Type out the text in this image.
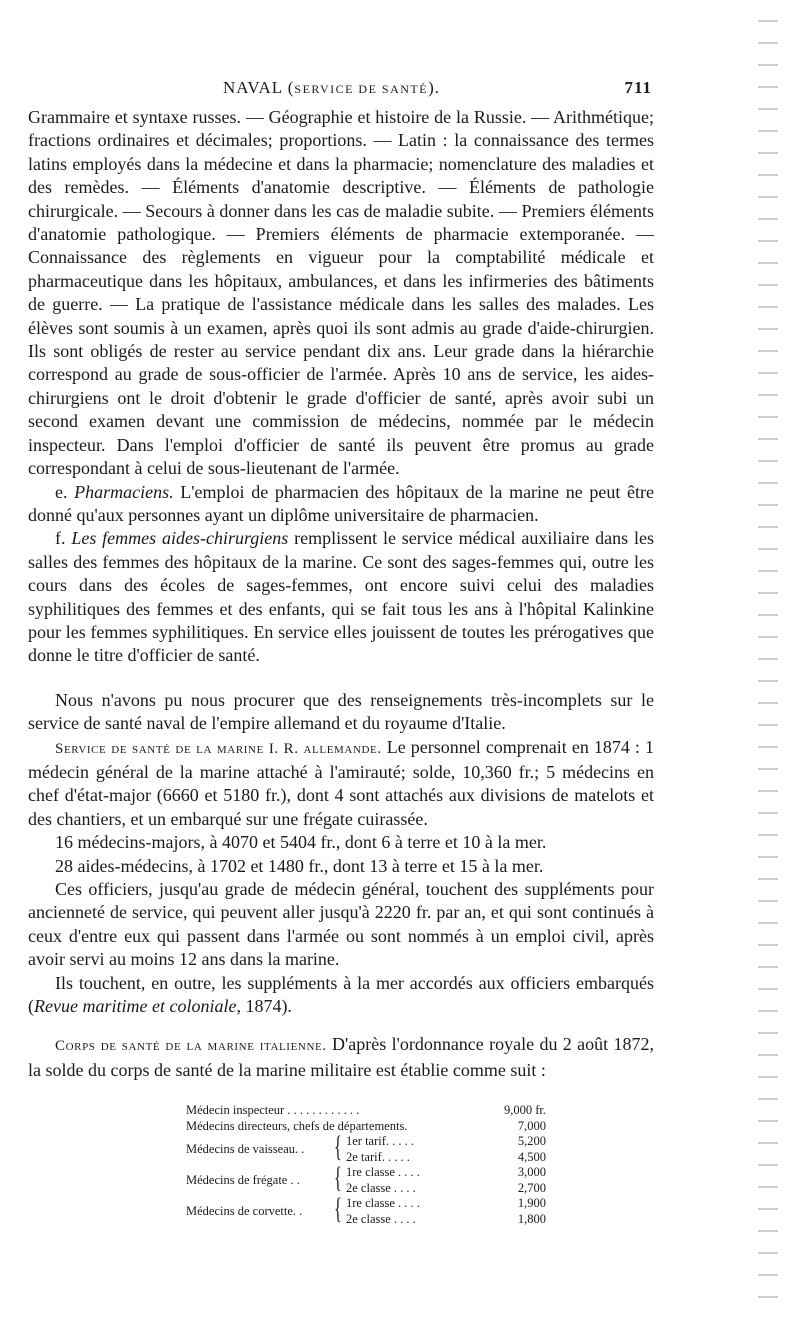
NAVAL (SERVICE DE SANTÉ).	711

Grammaire et syntaxe russes. — Géographie et histoire de la Russie. — Arithmétique; fractions ordinaires et décimales; proportions. — Latin : la connaissance des termes latins employés dans la médecine et dans la pharmacie; nomenclature des maladies et des remèdes. — Éléments d'anatomie descriptive. — Éléments de pathologie chirurgicale. — Secours à donner dans les cas de maladie subite. — Premiers éléments d'anatomie pathologique. — Premiers éléments de pharmacie extemporanée. — Connaissance des règlements en vigueur pour la comptabilité médicale et pharmaceutique dans les hôpitaux, ambulances, et dans les infirmeries des bâtiments de guerre. — La pratique de l'assistance médicale dans les salles des malades. Les élèves sont soumis à un examen, après quoi ils sont admis au grade d'aide-chirurgien. Ils sont obligés de rester au service pendant dix ans. Leur grade dans la hiérarchie correspond au grade de sous-officier de l'armée. Après 10 ans de service, les aides-chirurgiens ont le droit d'obtenir le grade d'officier de santé, après avoir subi un second examen devant une commission de médecins, nommée par le médecin inspecteur. Dans l'emploi d'officier de santé ils peuvent être promus au grade correspondant à celui de sous-lieutenant de l'armée.

e. Pharmaciens. L'emploi de pharmacien des hôpitaux de la marine ne peut être donné qu'aux personnes ayant un diplôme universitaire de pharmacien.

f. Les femmes aides-chirurgiens remplissent le service médical auxiliaire dans les salles des femmes des hôpitaux de la marine. Ce sont des sages-femmes qui, outre les cours dans des écoles de sages-femmes, ont encore suivi celui des maladies syphilitiques des femmes et des enfants, qui se fait tous les ans à l'hôpital Kalinkine pour les femmes syphilitiques. En service elles jouissent de toutes les prérogatives que donne le titre d'officier de santé.

Nous n'avons pu nous procurer que des renseignements très-incomplets sur le service de santé naval de l'empire allemand et du royaume d'Italie.

Service de santé de la marine I. R. allemande. Le personnel comprenait en 1874 : 1 médecin général de la marine attaché à l'amirauté; solde, 10,360 fr.; 5 médecins en chef d'état-major (6660 et 5180 fr.), dont 4 sont attachés aux divisions de matelots et des chantiers, et un embarqué sur une frégate cuirassée.

16 médecins-majors, à 4070 et 5404 fr., dont 6 à terre et 10 à la mer.

28 aides-médecins, à 1702 et 1480 fr., dont 13 à terre et 15 à la mer.

Ces officiers, jusqu'au grade de médecin général, touchent des suppléments pour ancienneté de service, qui peuvent aller jusqu'à 2220 fr. par an, et qui sont continués à ceux d'entre eux qui passent dans l'armée ou sont nommés à un emploi civil, après avoir servi au moins 12 ans dans la marine.

Ils touchent, en outre, les suppléments à la mer accordés aux officiers embarqués (Revue maritime et coloniale, 1874).

Corps de santé de la marine italienne. D'après l'ordonnance royale du 2 août 1872, la solde du corps de santé de la marine militaire est établie comme suit :

Médecin inspecteur . . . . . . . . . . . .	9,000 fr.
Médecins directeurs, chefs de départements.	7,000
Médecins de vaisseau. . { 1er tarif. . . . .	5,200
2e tarif. . . . .	4,500
Médecins de frégate . . { 1re classe . . . .	3,000
2e classe . . . .	2,700
Médecins de corvette. . { 1re classe . . . .	1,900
2e classe . . . .	1,800
